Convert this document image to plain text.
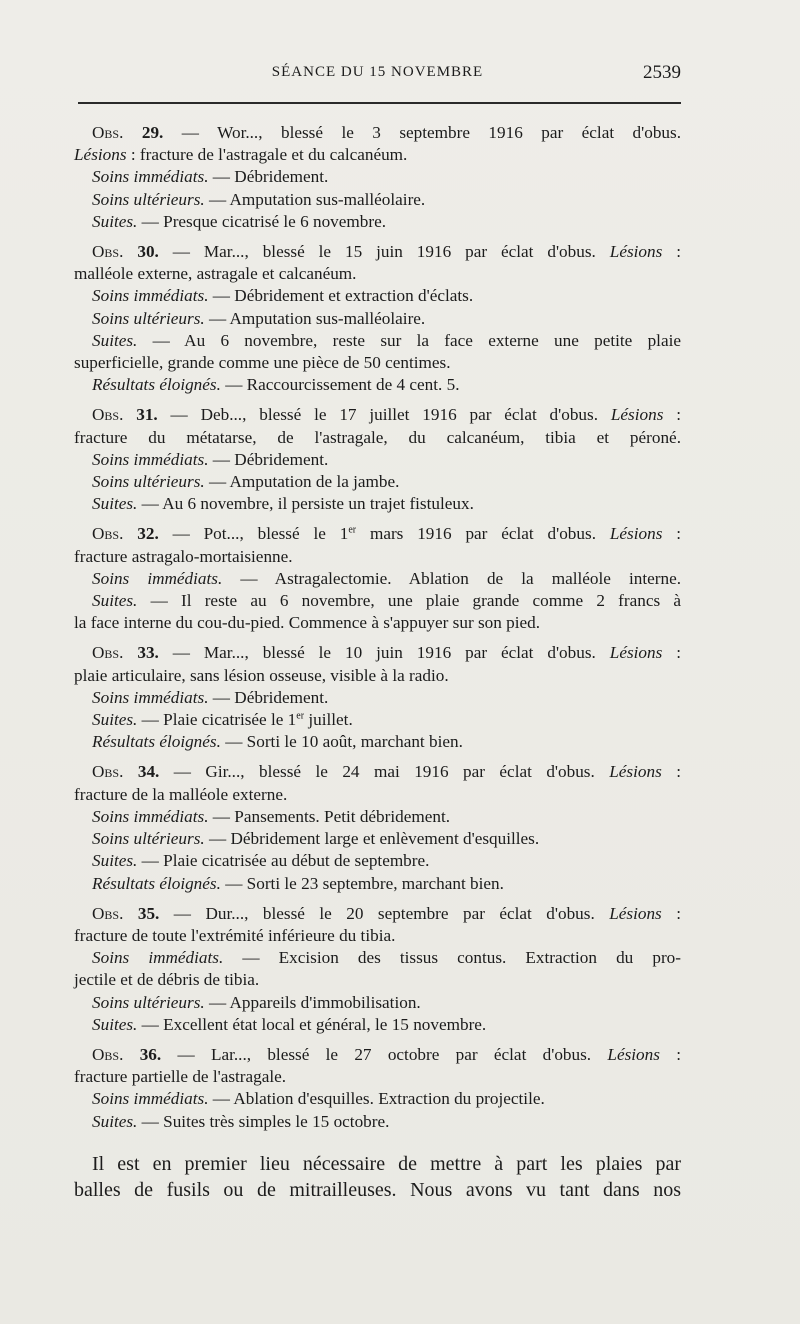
SÉANCE DU 15 NOVEMBRE	2539
Obs. 29. — Wor..., blessé le 3 septembre 1916 par éclat d'obus.
Lésions : fracture de l'astragale et du calcanéum.
Soins immédiats. — Débridement.
Soins ultérieurs. — Amputation sus-malléolaire.
Suites. — Presque cicatrisé le 6 novembre.
Obs. 30. — Mar..., blessé le 15 juin 1916 par éclat d'obus. Lésions :
malléole externe, astragale et calcanéum.
Soins immédiats. — Débridement et extraction d'éclats.
Soins ultérieurs. — Amputation sus-malléolaire.
Suites. — Au 6 novembre, reste sur la face externe une petite plaie
superficielle, grande comme une pièce de 50 centimes.
Résultats éloignés. — Raccourcissement de 4 cent. 5.
Obs. 31. — Deb..., blessé le 17 juillet 1916 par éclat d'obus. Lésions :
fracture du métatarse, de l'astragale, du calcanéum, tibia et péroné.
Soins immédiats. — Débridement.
Soins ultérieurs. — Amputation de la jambe.
Suites. — Au 6 novembre, il persiste un trajet fistuleux.
Obs. 32. — Pot..., blessé le 1er mars 1916 par éclat d'obus. Lésions :
fracture astragalo-mortaisienne.
Soins immédiats. — Astragalectomie. Ablation de la malléole interne.
Suites. — Il reste au 6 novembre, une plaie grande comme 2 francs à
la face interne du cou-du-pied. Commence à s'appuyer sur son pied.
Obs. 33. — Mar..., blessé le 10 juin 1916 par éclat d'obus. Lésions :
plaie articulaire, sans lésion osseuse, visible à la radio.
Soins immédiats. — Débridement.
Suites. — Plaie cicatrisée le 1er juillet.
Résultats éloignés. — Sorti le 10 août, marchant bien.
Obs. 34. — Gir..., blessé le 24 mai 1916 par éclat d'obus. Lésions :
fracture de la malléole externe.
Soins immédiats. — Pansements. Petit débridement.
Soins ultérieurs. — Débridement large et enlèvement d'esquilles.
Suites. — Plaie cicatrisée au début de septembre.
Résultats éloignés. — Sorti le 23 septembre, marchant bien.
Obs. 35. — Dur..., blessé le 20 septembre par éclat d'obus. Lésions :
fracture de toute l'extrémité inférieure du tibia.
Soins immédiats. — Excision des tissus contus. Extraction du pro-
jectile et de débris de tibia.
Soins ultérieurs. — Appareils d'immobilisation.
Suites. — Excellent état local et général, le 15 novembre.
Obs. 36. — Lar..., blessé le 27 octobre par éclat d'obus. Lésions :
fracture partielle de l'astragale.
Soins immédiats. — Ablation d'esquilles. Extraction du projectile.
Suites. — Suites très simples le 15 octobre.
Il est en premier lieu nécessaire de mettre à part les plaies par
balles de fusils ou de mitrailleuses. Nous avons vu tant dans nos
